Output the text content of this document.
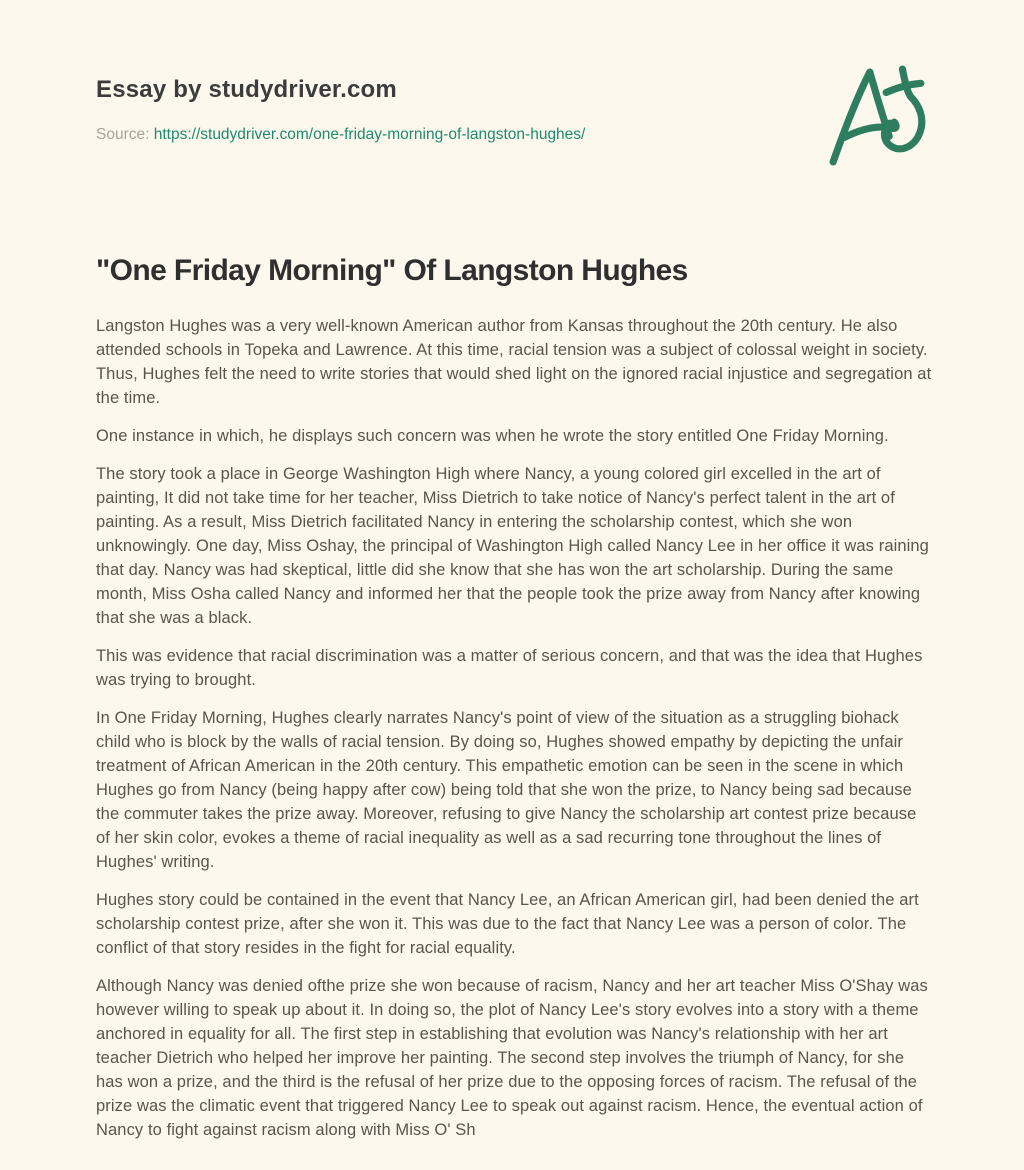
Essay by studydriver.com
Source: https://studydriver.com/one-friday-morning-of-langston-hughes/
"One Friday Morning" Of Langston Hughes

Langston Hughes was a very well-known American author from Kansas throughout the 20th century. He also attended schools in Topeka and Lawrence. At this time, racial tension was a subject of colossal weight in society. Thus, Hughes felt the need to write stories that would shed light on the ignored racial injustice and segregation at the time.

One instance in which, he displays such concern was when he wrote the story entitled One Friday Morning.

The story took a place in George Washington High where Nancy, a young colored girl excelled in the art of painting, It did not take time for her teacher, Miss Dietrich to take notice of Nancy's perfect talent in the art of painting. As a result, Miss Dietrich facilitated Nancy in entering the scholarship contest, which she won unknowingly. One day, Miss Oshay, the principal of Washington High called Nancy Lee in her office it was raining that day. Nancy was had skeptical, little did she know that she has won the art scholarship. During the same month, Miss Osha called Nancy and informed her that the people took the prize away from Nancy after knowing that she was a black.

This was evidence that racial discrimination was a matter of serious concern, and that was the idea that Hughes was trying to brought.

In One Friday Morning, Hughes clearly narrates Nancy's point of view of the situation as a struggling biohack child who is block by the walls of racial tension. By doing so, Hughes showed empathy by depicting the unfair treatment of African American in the 20th century. This empathetic emotion can be seen in the scene in which Hughes go from Nancy (being happy after cow) being told that she won the prize, to Nancy being sad because the commuter takes the prize away. Moreover, refusing to give Nancy the scholarship art contest prize because of her skin color, evokes a theme of racial inequality as well as a sad recurring tone throughout the lines of Hughes' writing.

Hughes story could be contained in the event that Nancy Lee, an African American girl, had been denied the art scholarship contest prize, after she won it. This was due to the fact that Nancy Lee was a person of color. The conflict of that story resides in the fight for racial equality.

Although Nancy was denied ofthe prize she won because of racism, Nancy and her art teacher Miss O'Shay was however willing to speak up about it. In doing so, the plot of Nancy Lee's story evolves into a story with a theme anchored in equality for all. The first step in establishing that evolution was Nancy's relationship with her art teacher Dietrich who helped her improve her painting. The second step involves the triumph of Nancy, for she has won a prize, and the third is the refusal of her prize due to the opposing forces of racism. The refusal of the prize was the climatic event that triggered Nancy Lee to speak out against racism. Hence, the eventual action of Nancy to fight against racism along with Miss O' Sh
